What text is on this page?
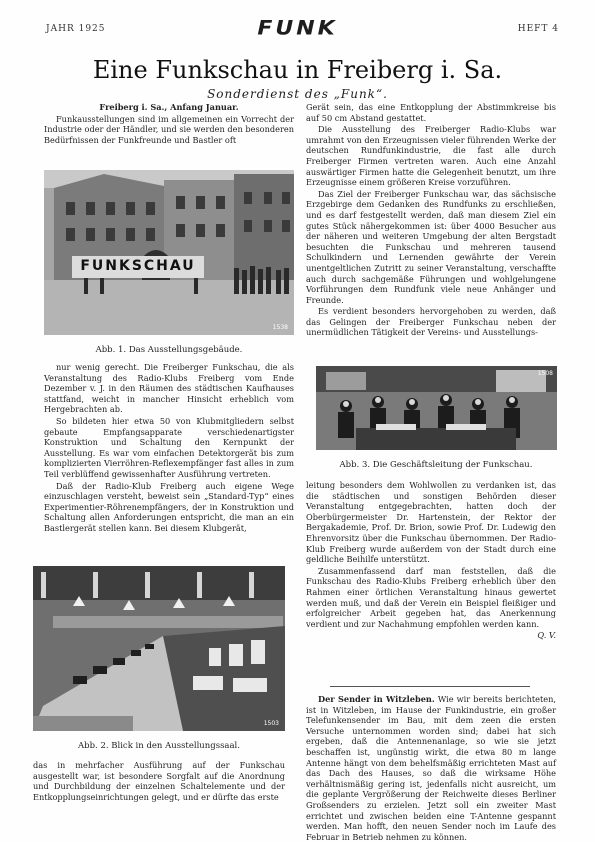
JAHR 1925	FUNK	HEFT 4
Eine Funkschau in Freiberg i. Sa.
Sonderdienst des „Funk“.

Freiberg i. Sa., Anfang Januar.

Funkausstellungen sind im allgemeinen ein Vorrecht der Industrie oder der Händler, und sie werden den besonderen Bedürfnissen der Funkfreunde und Bastler oft

FUNKSCHAU
1538
Abb. 1. Das Ausstellungsgebäude.

nur wenig gerecht. Die Freiberger Funkschau, die als Veranstaltung des Radio-Klubs Freiberg vom Ende Dezember v. J. in den Räumen des städtischen Kaufhauses stattfand, weicht in mancher Hinsicht erheblich vom Hergebrachten ab.

So bildeten hier etwa 50 von Klubmitgliedern selbst gebaute Empfangsapparate verschiedenartigster Konstruktion und Schaltung den Kernpunkt der Ausstellung. Es war vom einfachen Detektorgerät bis zum komplizierten Vierröhren-Reflexempfänger fast alles in zum Teil verblüffend gewissenhafter Ausführung vertreten.

Daß der Radio-Klub Freiberg auch eigene Wege einzuschlagen versteht, beweist sein „Standard-Typ“ eines Experimentier-Röhrenempfängers, der in Konstruktion und Schaltung allen Anforderungen entspricht, die man an ein Bastlergerät stellen kann. Bei diesem Klubgerät,

1503
Abb. 2. Blick in den Ausstellungssaal.

das in mehrfacher Ausführung auf der Funkschau ausgestellt war, ist besondere Sorgfalt auf die Anordnung und Durchbildung der einzelnen Schaltelemente und der Entkopplungseinrichtungen gelegt, und er dürfte das erste

Gerät sein, das eine Entkopplung der Abstimmkreise bis auf 50 cm Abstand gestattet.

Die Ausstellung des Freiberger Radio-Klubs war umrahmt von den Erzeugnissen vieler führenden Werke der deutschen Rundfunkindustrie, die fast alle durch Freiberger Firmen vertreten waren. Auch eine Anzahl auswärtiger Firmen hatte die Gelegenheit benutzt, um ihre Erzeugnisse einem größeren Kreise vorzuführen.

Das Ziel der Freiberger Funkschau war, das sächsische Erzgebirge dem Gedanken des Rundfunks zu erschließen, und es darf festgestellt werden, daß man diesem Ziel ein gutes Stück nähergekommen ist: über 4000 Besucher aus der näheren und weiteren Umgebung der alten Bergstadt besuchten die Funkschau und mehreren tausend Schulkindern und Lernenden gewährte der Verein unentgeltlichen Zutritt zu seiner Veranstaltung, verschaffte auch durch sachgemäße Führungen und wohlgelungene Vorführungen dem Rundfunk viele neue Anhänger und Freunde.

Es verdient besonders hervorgehoben zu werden, daß das Gelingen der Freiberger Funkschau neben der unermüdlichen Tätigkeit der Vereins- und Ausstellungs-

1508
Abb. 3. Die Geschäftsleitung der Funkschau.

leitung besonders dem Wohlwollen zu verdanken ist, das die städtischen und sonstigen Behörden dieser Veranstaltung entgegebrachten, hatten doch der Oberbürgermeister Dr. Hartenstein, der Rektor der Bergakademie, Prof. Dr. Brion, sowie Prof. Dr. Ludewig den Ehrenvorsitz über die Funkschau übernommen. Der Radio-Klub Freiberg wurde außerdem von der Stadt durch eine geldliche Beihilfe unterstützt.

Zusammenfassend darf man feststellen, daß die Funkschau des Radio-Klubs Freiberg erheblich über den Rahmen einer örtlichen Veranstaltung hinaus gewertet werden muß, und daß der Verein ein Beispiel fleißiger und erfolgreicher Arbeit gegeben hat, das Anerkennung verdient und zur Nachahmung empfohlen werden kann.

Q. V.

Der Sender in Witzleben. Wie wir bereits berichteten, ist in Witzleben, im Hause der Funkindustrie, ein großer Telefunkensender im Bau, mit dem zeen die ersten Versuche unternommen worden sind; dabei hat sich ergeben, daß die Antennenanlage, so wie sie jetzt beschaffen ist, ungünstig wirkt, die etwa 80 m lange Antenne hängt von dem behelfsmäßig errichteten Mast auf das Dach des Hauses, so daß die wirksame Höhe verhältnismäßig gering ist, jedenfalls nicht ausreicht, um die geplante Vergrößerung der Reichweite dieses Berliner Großsenders zu erzielen. Jetzt soll ein zweiter Mast errichtet und zwischen beiden eine T-Antenne gespannt werden. Man hofft, den neuen Sender noch im Laufe des Februar in Betrieb nehmen zu können.
